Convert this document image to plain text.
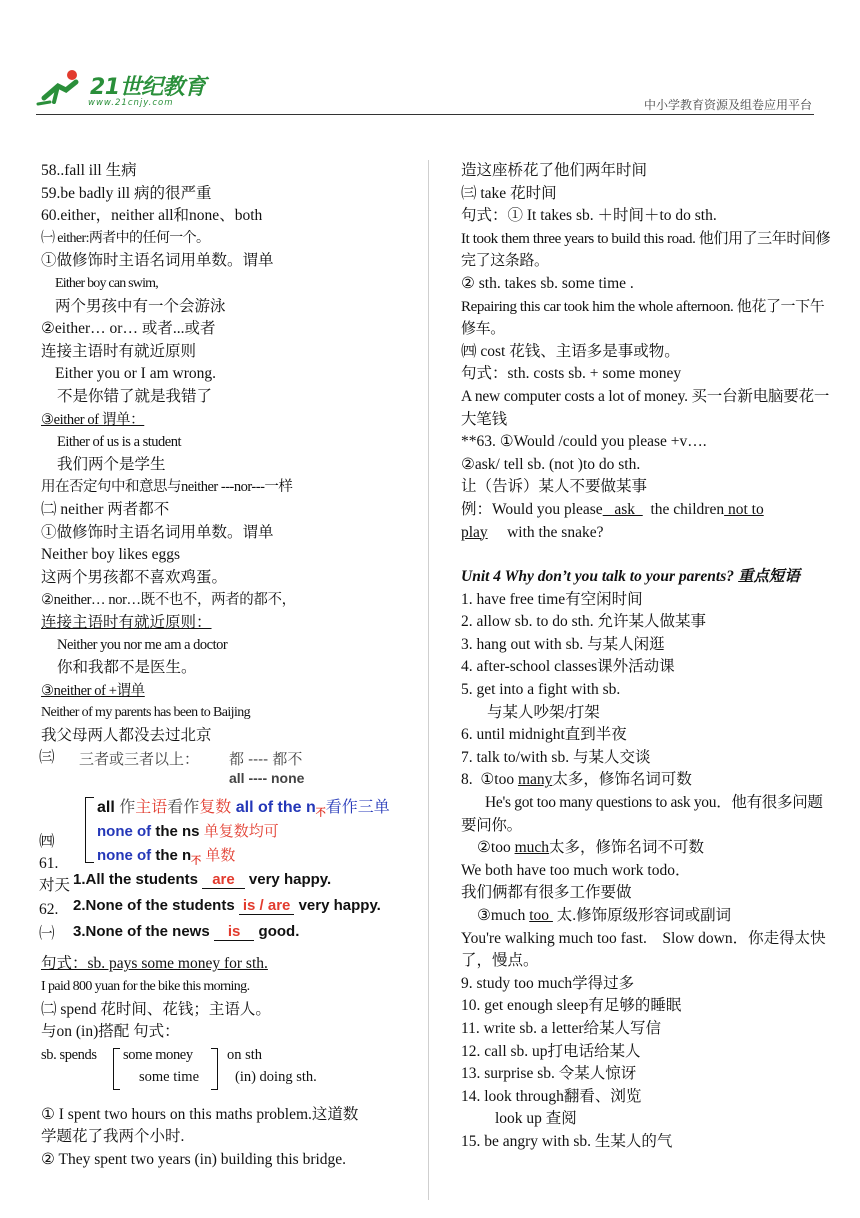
21世纪教育
www.21cnjy.com	中小学教育资源及组卷应用平台
58..fall ill 生病
59.be badly ill 病的很严重
60.either，neither all和none、both
㈠ either:两者中的任何一个。
①做修饰时主语名词用单数。谓单
Either boy can swim,
两个男孩中有一个会游泳
②either… or… 或者...或者
连接主语时有就近原则
Either you or I am wrong.
不是你错了就是我错了
③either of 谓单：
Either of us is a student
我们两个是学生
用在否定句中和意思与neither ---nor---一样
㈡ neither 两者都不
①做修饰时主语名词用单数。谓单
Neither boy likes eggs
这两个男孩都不喜欢鸡蛋。
②neither… nor…既不也不，两者的都不，
连接主语时有就近原则：
Neither you nor me am a doctor
你和我都不是医生。
③neither of +谓单
Neither of my parents has been to Baijing
我父母两人都没去过北京
㈢
㈣
61.
对天
62.
㈠
三者或三者以上： 都 ---- 都不
all ---- none
all 作主语看作复数 all of the $n_不$看作三单
none of the ns 单复数均可
none of the $n_不$ 单数
1.All the students are very happy.
2.None of the students is / are very happy.
3.None of the news is good.
句式：sb. pays some money for sth.
I paid 800 yuan for the bike this morning.
㈡ spend 花时间、花钱；主语人。
与on (in)搭配 句式：
sb. spends some money on sth
some time (in) doing sth.
① I spent two hours on this maths problem.这道数
学题花了我两个小时.
② They spent two years (in) building this bridge.
造这座桥花了他们两年时间
㈢ take 花时间
句式：① It takes sb. ＋时间＋to do sth.
It took them three years to build this road. 他们用了三年时间修完了这条路。
② sth. takes sb. some time .
Repairing this car took him the whole afternoon. 他花了一下午修车。
㈣ cost 花钱、主语多是事或物。
句式：sth. costs sb. + some money
A new computer costs a lot of money. 买一台新电脑要花一大笔钱
**63. ①Would /could you please +v….
②ask/ tell sb. (not )to do sth.
让（告诉）某人不要做某事
例：Would you please   ask    the children not to
play     with the snake?
Unit 4 Why don’t you talk to your parents? 重点短语
1. have free time有空闲时间
2. allow sb. to do sth. 允许某人做某事
3. hang out with sb. 与某人闲逛
4. after-school classes课外活动课
5. get into a fight with sb.
与某人吵架/打架
6. until midnight直到半夜
7. talk to/with sb. 与某人交谈
8.  ①too many太多，修饰名词可数
He's got too many questions to ask you．他有很多问题要问你。
②too much太多，修饰名词不可数
We both have too much work todo．
我们俩都有很多工作要做
③much too  太.修饰原级形容词或副词
You're walking much too fast.    Slow down．你走得太快了，慢点。
9. study too much学得过多
10. get enough sleep有足够的睡眠
11. write sb. a letter给某人写信
12. call sb. up打电话给某人
13. surprise sb. 令某人惊讶
14. look through翻看、浏览
look up 查阅
15. be angry with sb. 生某人的气
